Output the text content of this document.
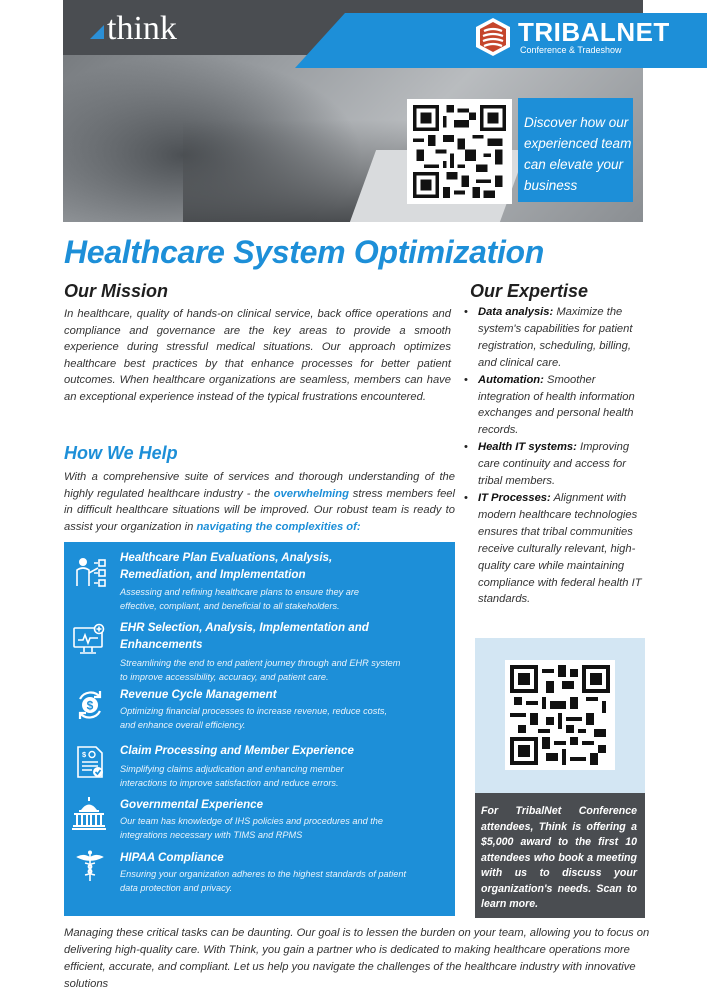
think	TRIBALNET
Conference & Tradeshow
Discover how our experienced team can elevate your business
Healthcare System Optimization
Our Mission
In healthcare, quality of hands-on clinical service, back office operations and compliance and governance are the key areas to provide a smooth experience during stressful medical situations. Our approach optimizes healthcare best practices by that enhance processes for better patient outcomes. When healthcare organizations are seamless, members can have an exceptional experience instead of the typical frustrations encountered.
How We Help
With a comprehensive suite of services and thorough understanding of the highly regulated healthcare industry - the overwhelming stress members feel in difficult healthcare situations will be improved. Our robust team is ready to assist your organization in navigating the complexities of:
Healthcare Plan Evaluations, Analysis,
Remediation, and Implementation
Assessing and refining healthcare plans to ensure they are effective, compliant, and beneficial to all stakeholders.
EHR Selection, Analysis, Implementation and
Enhancements
Streamlining the end to end patient journey through and EHR system to improve accessibility, accuracy, and patient care.
$
Revenue Cycle Management
Optimizing financial processes to increase revenue, reduce costs, and enhance overall efficiency.
$	Claim Processing and Member Experience
Simplifying claims adjudication and enhancing member interactions to improve satisfaction and reduce errors.
Governmental Experience
Our team has knowledge of IHS policies and procedures and the integrations necessary with TIMS and RPMS
HIPAA Compliance
Ensuring your organization adheres to the highest standards of patient data protection and privacy.
Our Expertise
• Data analysis: Maximize the system's capabilities for patient registration, scheduling, billing, and clinical care.
• Automation: Smoother integration of health information exchanges and personal health records.
• Health IT systems: Improving care continuity and access for tribal members.
• IT Processes: Alignment with modern healthcare technologies ensures that tribal communities receive culturally relevant, high-quality care while maintaining compliance with federal health IT standards.
For TribalNet Conference attendees, Think is offering a $5,000 award to the first 10 attendees who book a meeting with us to discuss your organization's needs. Scan to learn more.
Managing these critical tasks can be daunting. Our goal is to lessen the burden on your team, allowing you to focus on delivering high-quality care. With Think, you gain a partner who is dedicated to making healthcare operations more efficient, accurate, and compliant. Let us help you navigate the challenges of the healthcare industry with innovative solutions
